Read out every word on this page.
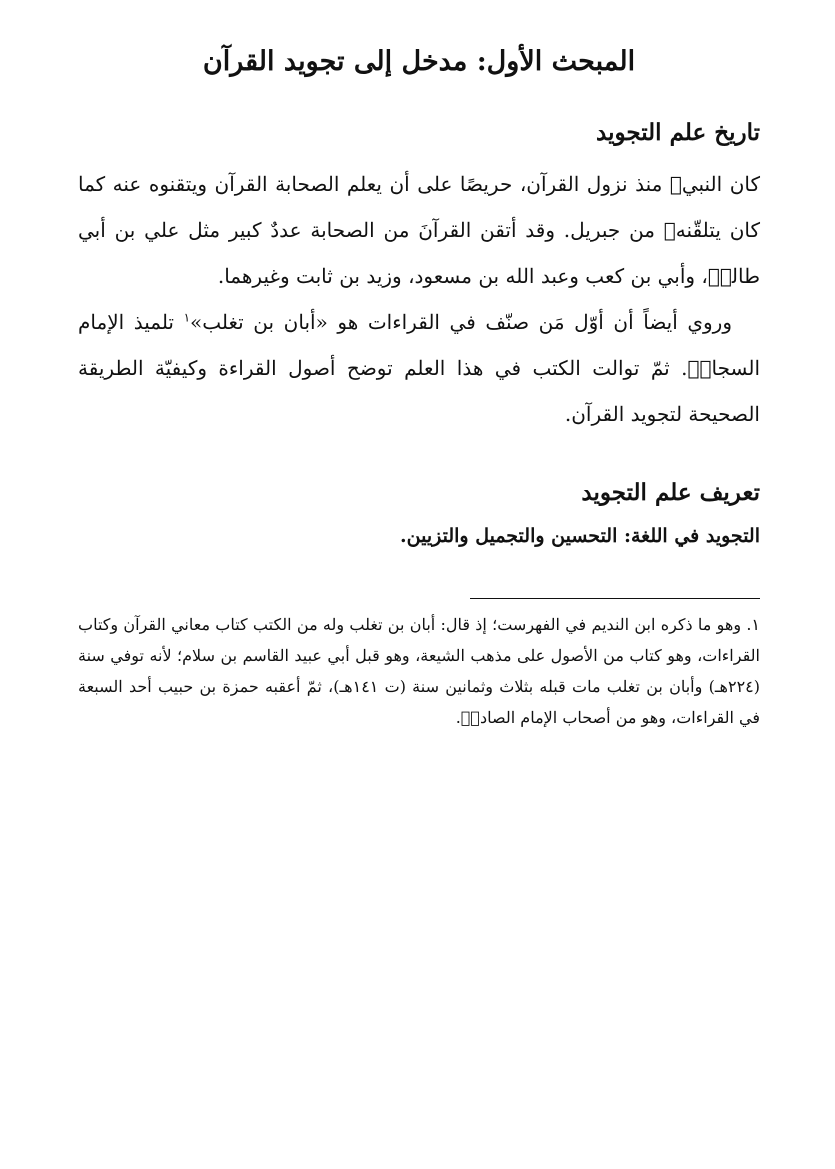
المبحث الأول: مدخل إلى تجويد القرآن
تاريخ علم التجويد

كان النبيﷺ منذ نزول القرآن، حريصًا على أن يعلم الصحابة القرآن ويتقنوه عنه كما كان يتلقّنهﷺ من جبريل. وقد أتقن القرآنَ من الصحابة عددٌ كبير مثل علي بن أبي طالبؑ، وأبي بن كعب وعبد الله بن مسعود، وزيد بن ثابت وغيرهما.

وروي أيضاً أن أوّل مَن صنّف في القراءات هو «أبان بن تغلب»$^١$ تلميذ الإمام السجادؑ. ثمّ توالت الكتب في هذا العلم توضح أصول القراءة وكيفيّة الطريقة الصحيحة لتجويد القرآن.

تعريف علم التجويد

التجويد في اللغة: التحسين والتجميل والتزيين.

١. وهو ما ذكره ابن النديم في الفهرست؛ إذ قال: أبان بن تغلب وله من الكتب كتاب معاني القرآن وكتاب القراءات، وهو كتاب من الأصول على مذهب الشيعة، وهو قبل أبي عبيد القاسم بن سلام؛ لأنه توفي سنة (٢٢٤هـ) وأبان بن تغلب مات قبله بثلاث وثمانين سنة (ت ١٤١هـ)، ثمّ أعقبه حمزة بن حبيب أحد السبعة في القراءات، وهو من أصحاب الإمام الصادقؑ.
